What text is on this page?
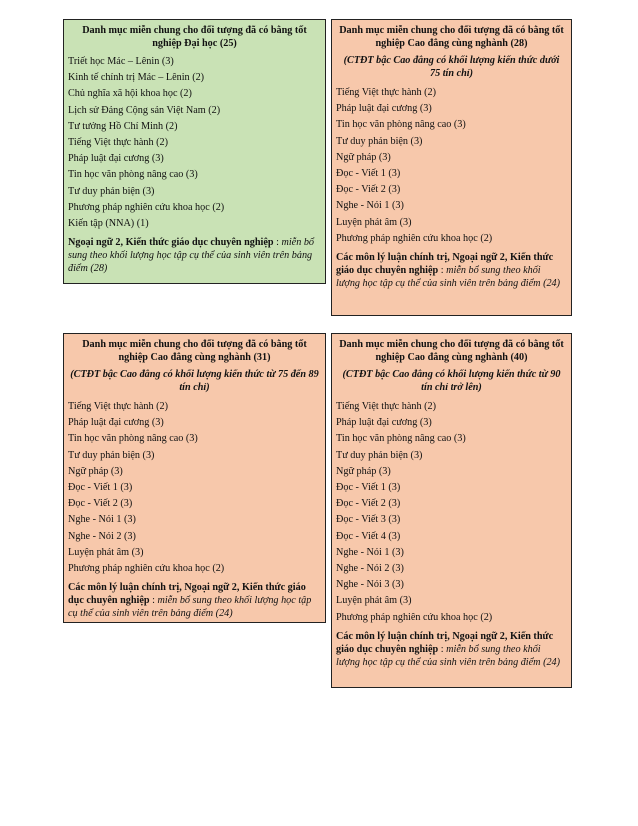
Danh mục miễn chung cho đối tượng đã có bằng tốt nghiệp Đại học (25)
Triết học Mác – Lênin (3)
Kinh tế chính trị Mác – Lênin (2)
Chủ nghĩa xã hội khoa học (2)
Lịch sử Đảng Cộng sản Việt Nam (2)
Tư tưởng Hồ Chí Minh (2)
Tiếng Việt thực hành (2)
Pháp luật đại cương (3)
Tin học văn phòng nâng cao (3)
Tư duy phản biện (3)
Phương pháp nghiên cứu khoa học (2)
Kiến tập (NNA) (1)
Ngoại ngữ 2, Kiến thức giáo dục chuyên nghiệp : miễn bổ sung theo khối lượng học tập cụ thể của sinh viên trên bảng điểm (28)
Danh mục miễn chung cho đối tượng đã có bằng tốt nghiệp Cao đẳng cùng nghành (28)
(CTĐT bậc Cao đẳng có khối lượng kiến thức dưới 75 tín chỉ)
Tiếng Việt thực hành (2)
Pháp luật đại cương (3)
Tin học văn phòng nâng cao (3)
Tư duy phản biện (3)
Ngữ pháp (3)
Đọc - Viết 1 (3)
Đọc - Viết 2 (3)
Nghe - Nói 1 (3)
Luyện phát âm (3)
Phương pháp nghiên cứu khoa học (2)
Các môn lý luận chính trị, Ngoại ngữ 2, Kiến thức giáo dục chuyên nghiệp : miễn bổ sung theo khối lượng học tập cụ thể của sinh viên trên bảng điểm (24)
Danh mục miễn chung cho đối tượng đã có bằng tốt nghiệp Cao đẳng cùng nghành (31)
(CTĐT bậc Cao đẳng có khối lượng kiến thức từ 75 đến 89 tín chỉ)
Tiếng Việt thực hành (2)
Pháp luật đại cương (3)
Tin học văn phòng nâng cao (3)
Tư duy phản biện (3)
Ngữ pháp (3)
Đọc - Viết 1 (3)
Đọc - Viết 2 (3)
Nghe - Nói 1 (3)
Nghe - Nói 2 (3)
Luyện phát âm (3)
Phương pháp nghiên cứu khoa học (2)
Các môn lý luận chính trị, Ngoại ngữ 2, Kiến thức giáo dục chuyên nghiệp : miễn bổ sung theo khối lượng học tập cụ thể của sinh viên trên bảng điểm (24)
Danh mục miễn chung cho đối tượng đã có bằng tốt nghiệp Cao đẳng cùng nghành (40)
(CTĐT bậc Cao đẳng có khối lượng kiến thức từ 90 tín chỉ trở lên)
Tiếng Việt thực hành (2)
Pháp luật đại cương (3)
Tin học văn phòng nâng cao (3)
Tư duy phản biện (3)
Ngữ pháp (3)
Đọc - Viết 1 (3)
Đọc - Viết 2 (3)
Đọc - Viết 3 (3)
Đọc - Viết 4 (3)
Nghe - Nói 1 (3)
Nghe - Nói 2 (3)
Nghe - Nói 3 (3)
Luyện phát âm (3)
Phương pháp nghiên cứu khoa học (2)
Các môn lý luận chính trị, Ngoại ngữ 2, Kiến thức giáo dục chuyên nghiệp : miễn bổ sung theo khối lượng học tập cụ thể của sinh viên trên bảng điểm (24)
